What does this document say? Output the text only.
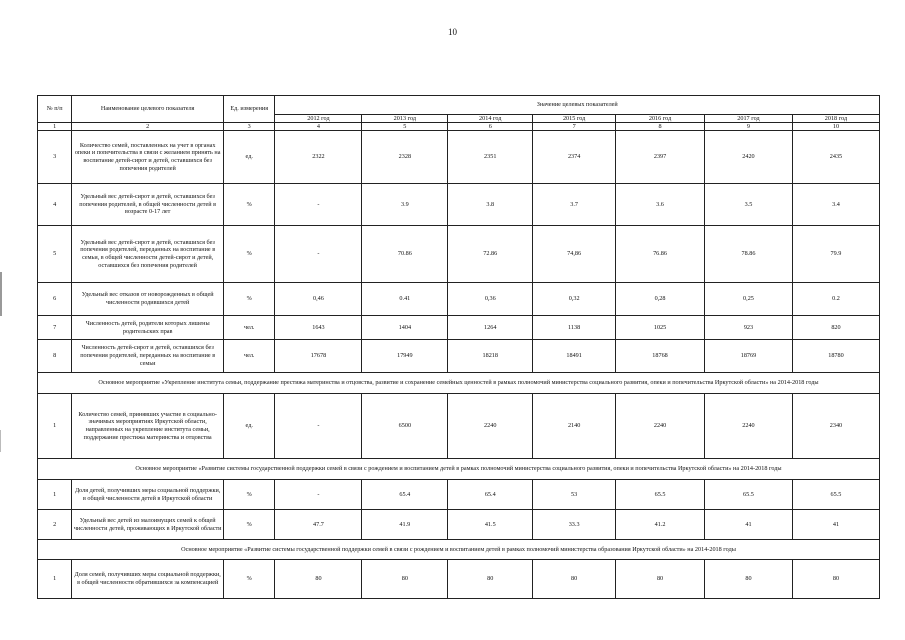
10
№ п/п	Наименование целевого показателя	Ед. измерения	Значение целевых показателей						
			2012 год	2013 год	2014 год	2015 год	2016 год	2017 год	2018 год
1	2	3	4	5	6	7	8	9	10
3	Количество семей, поставленных на учет в органах опеки и попечительства в связи с желанием принять на воспитание детей-сирот и детей, оставшихся без попечения родителей	ед.	2322	2328	2351	2374	2397	2420	2435
4	Удельный вес детей-сирот и детей, оставшихся без попечения родителей, в общей численности детей в возрасте 0-17 лет	%	-	3.9	3.8	3.7	3.6	3.5	3.4
5	Удельный вес детей-сирот и детей, оставшихся без попечения родителей, переданных на воспитание в семьи, в общей численности детей-сирот и детей, оставшихся без попечения родителей	%	-	70.86	72.86	74,86	76.86	78.86	79.9
6	Удельный вес отказов от новорожденных в общей численности родившихся детей	%	0,46	0.41	0,36	0,32	0,28	0,25	0.2
7	Численность детей, родители которых лишены родительских прав	чел.	1643	1404	1264	1138	1025	923	820
8	Численность детей-сирот и детей, оставшихся без попечения родителей, переданных на воспитание в семьи	чел.	17678	17949	18218	18491	18768	18769	18780
Основное мероприятие «Укрепление института семьи, поддержание престижа материнства и отцовства, развитие и сохранение семейных ценностей в рамках полномочий министерства социального развития, опеки и попечительства Иркутской области» на 2014-2018 годы									
1	Количество семей, принявших участие в социально-значимых мероприятиях Иркутской области, направленных на укрепление института семьи, поддержание престижа материнства и отцовства	ед.	-	6500	2240	2140	2240	2240	2340
Основное мероприятие «Развитие системы государственной поддержки семей в связи с рождением и воспитанием детей в рамках полномочий министерства социального развития, опеки и попечительства Иркутской области» на 2014-2018 годы									
1	Доля детей, получивших меры социальной поддержки, в общей численности детей в Иркутской области	%	-	65.4	65.4	53	65.5	65.5	65.5
2	Удельный вес детей из малоимущих семей к общей численности детей, проживающих в Иркутской области	%	47.7	41.9	41.5	33.3	41.2	41	41
Основное мероприятие «Развитие системы государственной поддержки семей в связи с рождением и воспитанием детей в рамках полномочий министерства образования Иркутской области» на 2014-2018 годы									
1	Доля семей, получивших меры социальной поддержки, в общей численности обратившихся за компенсацией	%	80	80	80	80	80	80	80
